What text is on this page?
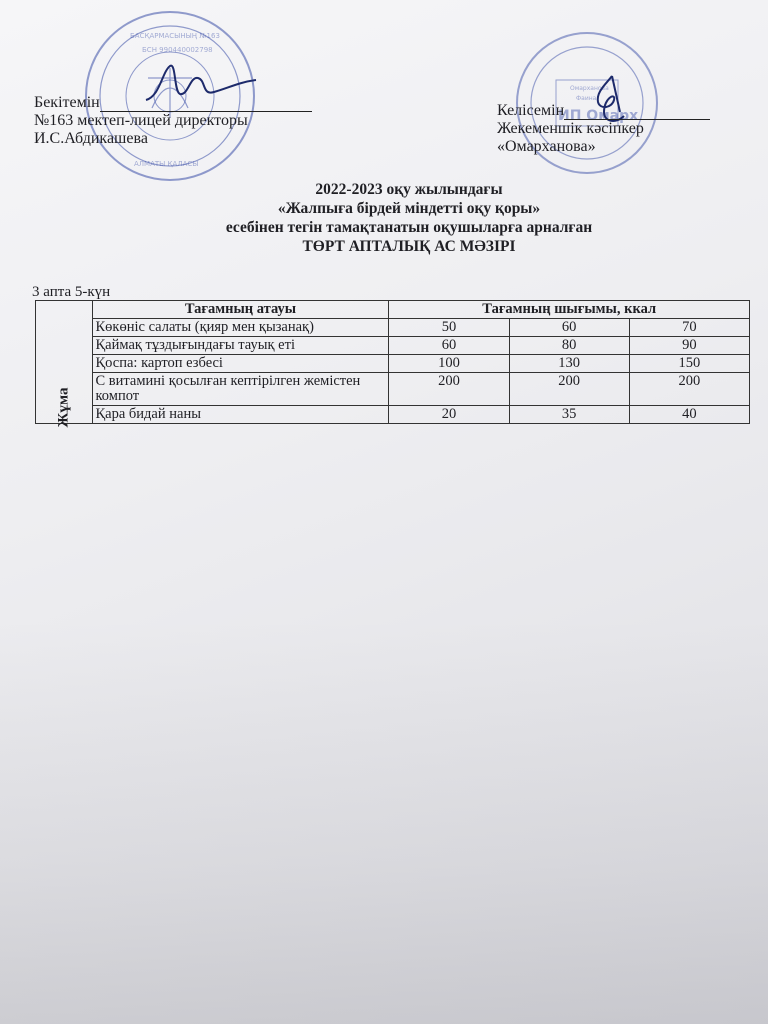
БАСҚАРМАСЫНЫҢ №163
БСН 990440002798
АЛМАТЫ ҚАЛАСЫ
Омарханова
Фаина
ИП Омарх
Бекітемін
№163 мектеп-лицей директоры
И.С.Абдикашева
Келісемін
Жекеменшік кәсіпкер
«Омарханова»
2022-2023 оқу жылындағы
«Жалпыға бірдей міндетті оқу қоры»
есебінен тегін тамақтанатын оқушыларға арналған
ТӨРТ АПТАЛЫҚ АС МӘЗІРІ
3 апта 5-күн
Жұма	Тағамның атауы	Тағамның шығымы, ккал		
	Көкөніс салаты (қияр мен қызанақ)	50	60	70
	Қаймақ тұздығындағы тауық еті	60	80	90
	Қоспа: картоп езбесі	100	130	150
	С витамині қосылған кептірілген жемістен компот	200	200	200
	Қара бидай наны	20	35	40
